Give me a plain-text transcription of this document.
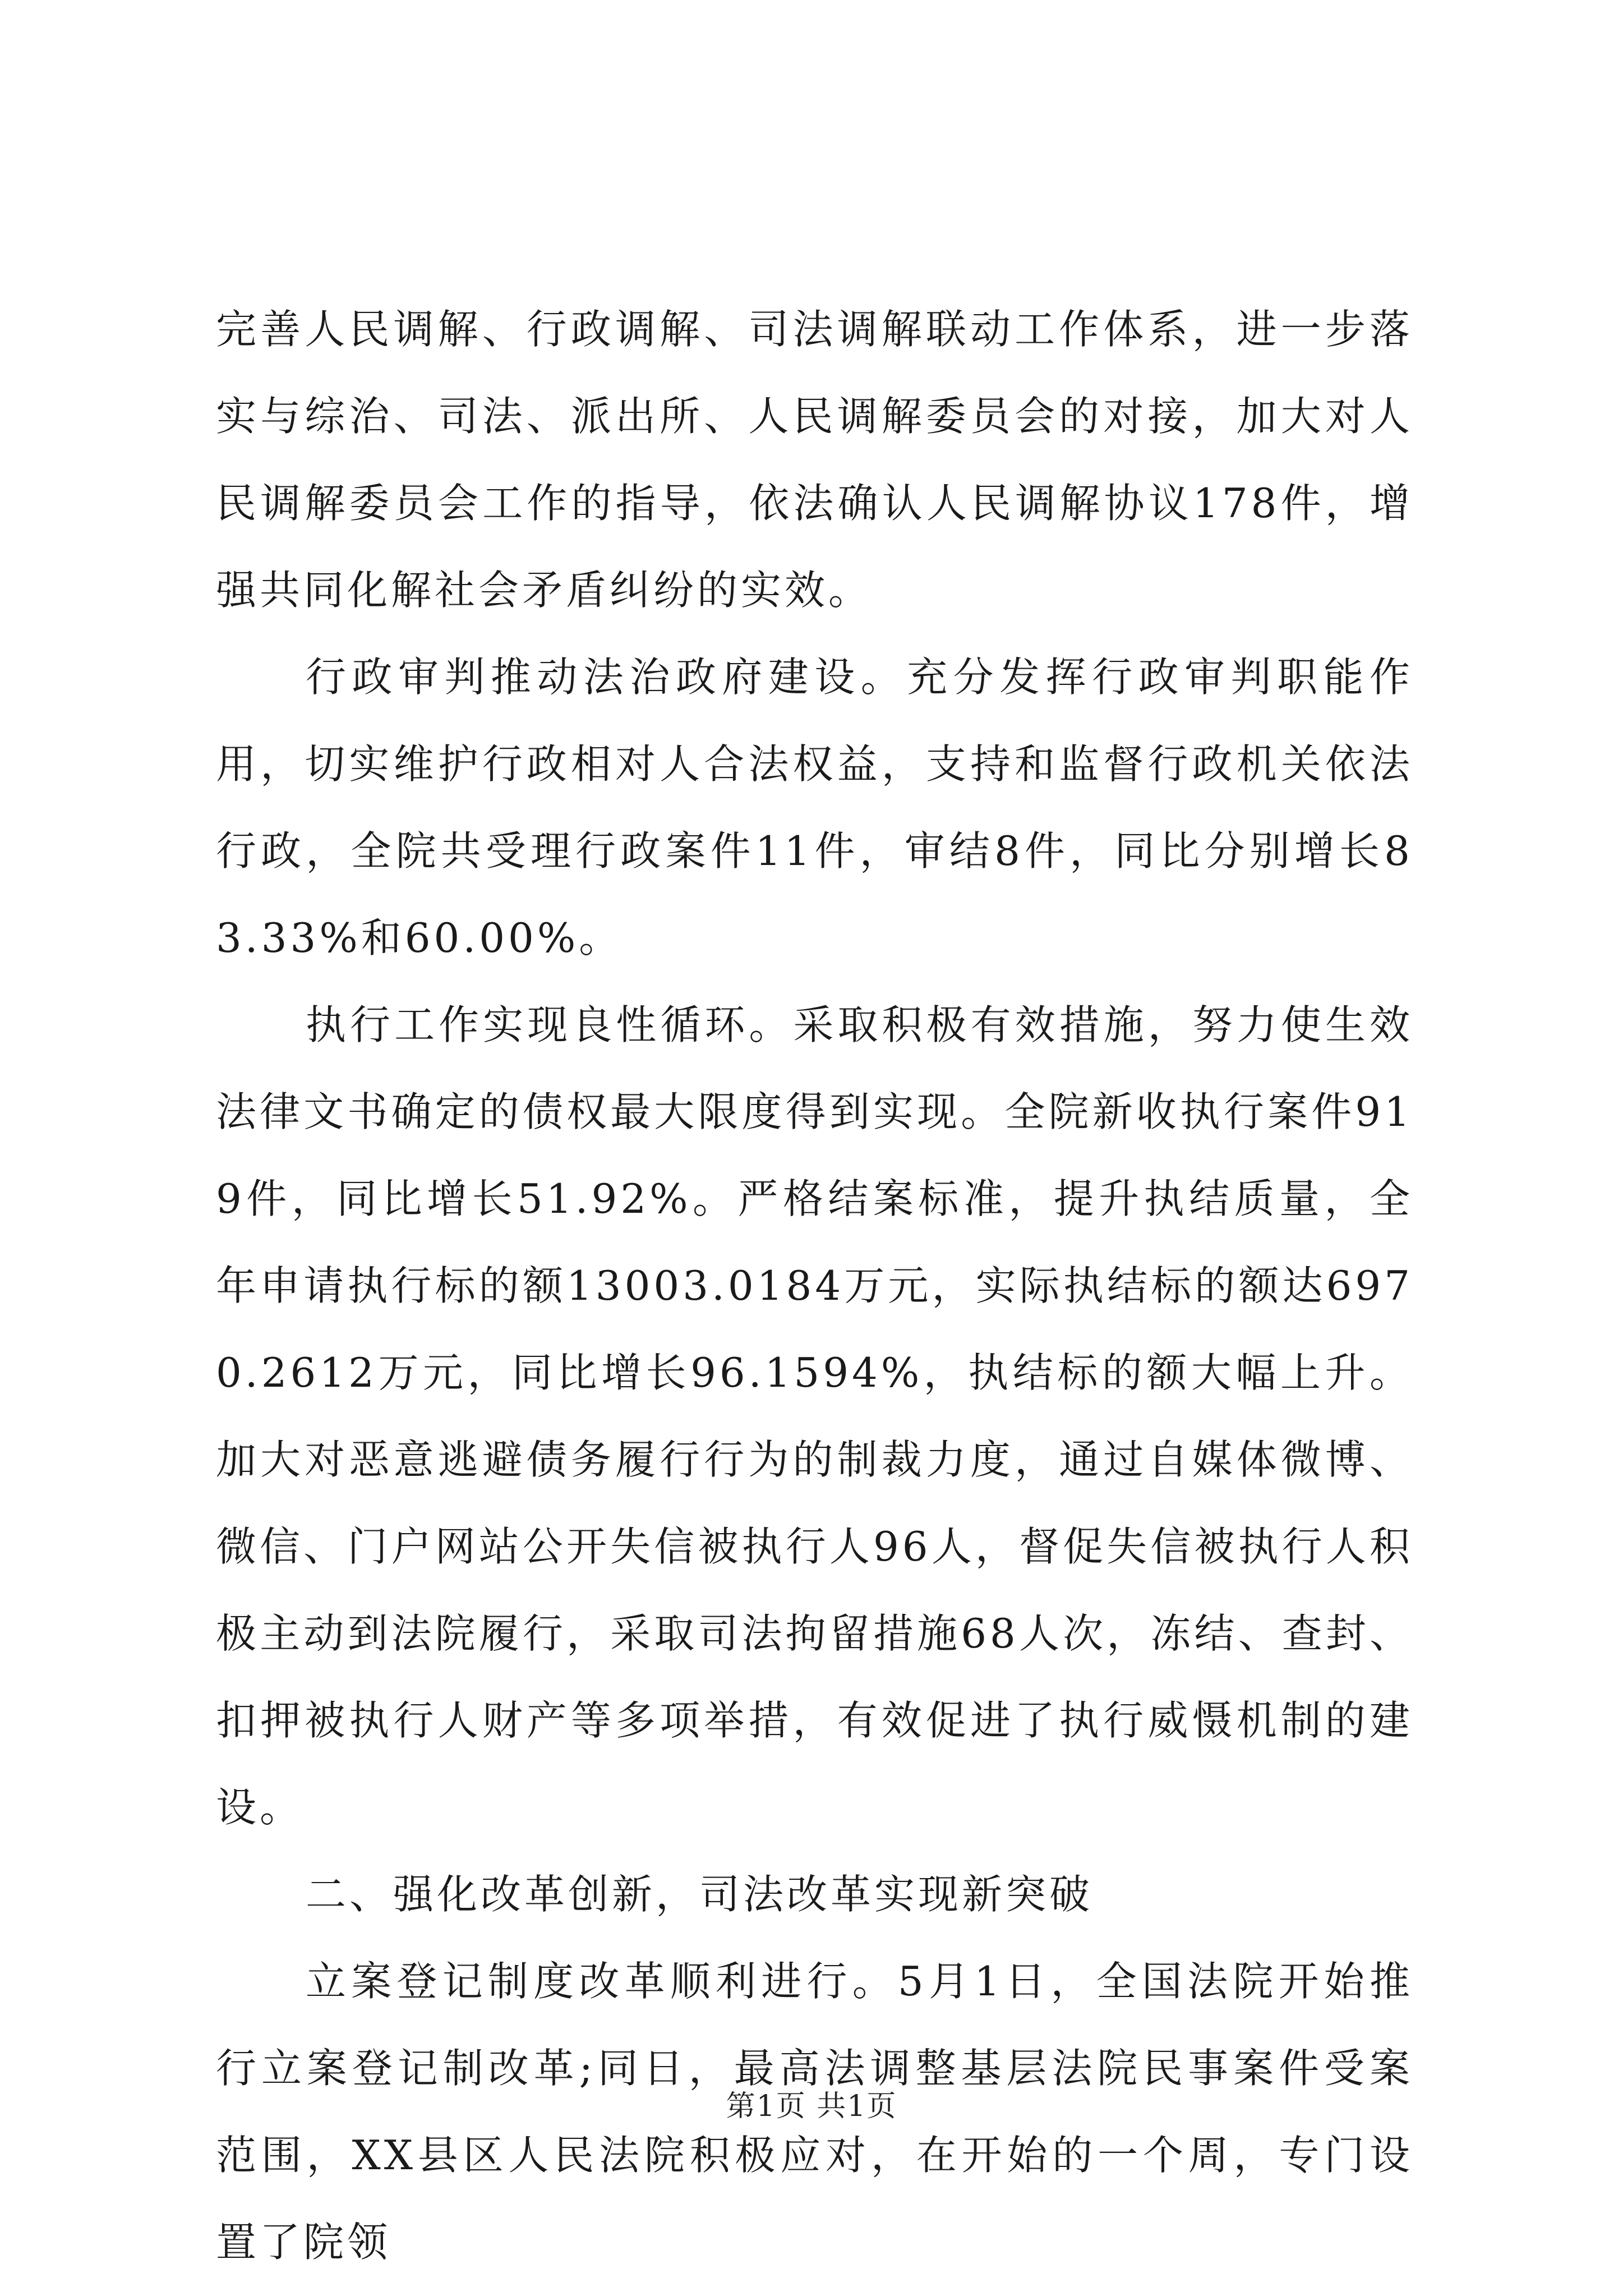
完善人民调解、行政调解、司法调解联动工作体系，进一步落实与综治、司法、派出所、人民调解委员会的对接，加大对人民调解委员会工作的指导，依法确认人民调解协议178件，增强共同化解社会矛盾纠纷的实效。

行政审判推动法治政府建设。充分发挥行政审判职能作用，切实维护行政相对人合法权益，支持和监督行政机关依法行政，全院共受理行政案件11件，审结8件，同比分别增长83.33%和60.00%。

执行工作实现良性循环。采取积极有效措施，努力使生效法律文书确定的债权最大限度得到实现。全院新收执行案件919件，同比增长51.92%。严格结案标准，提升执结质量，全年申请执行标的额13003.0184万元，实际执结标的额达6970.2612万元，同比增长96.1594%，执结标的额大幅上升。加大对恶意逃避债务履行行为的制裁力度，通过自媒体微博、微信、门户网站公开失信被执行人96人，督促失信被执行人积极主动到法院履行，采取司法拘留措施68人次，冻结、查封、扣押被执行人财产等多项举措，有效促进了执行威慑机制的建设。

二、强化改革创新，司法改革实现新突破

立案登记制度改革顺利进行。5月1日，全国法院开始推行立案登记制改革;同日，最高法调整基层法院民事案件受案范围，XX县区人民法院积极应对，在开始的一个周，专门设置了院领

第1页 共1页
